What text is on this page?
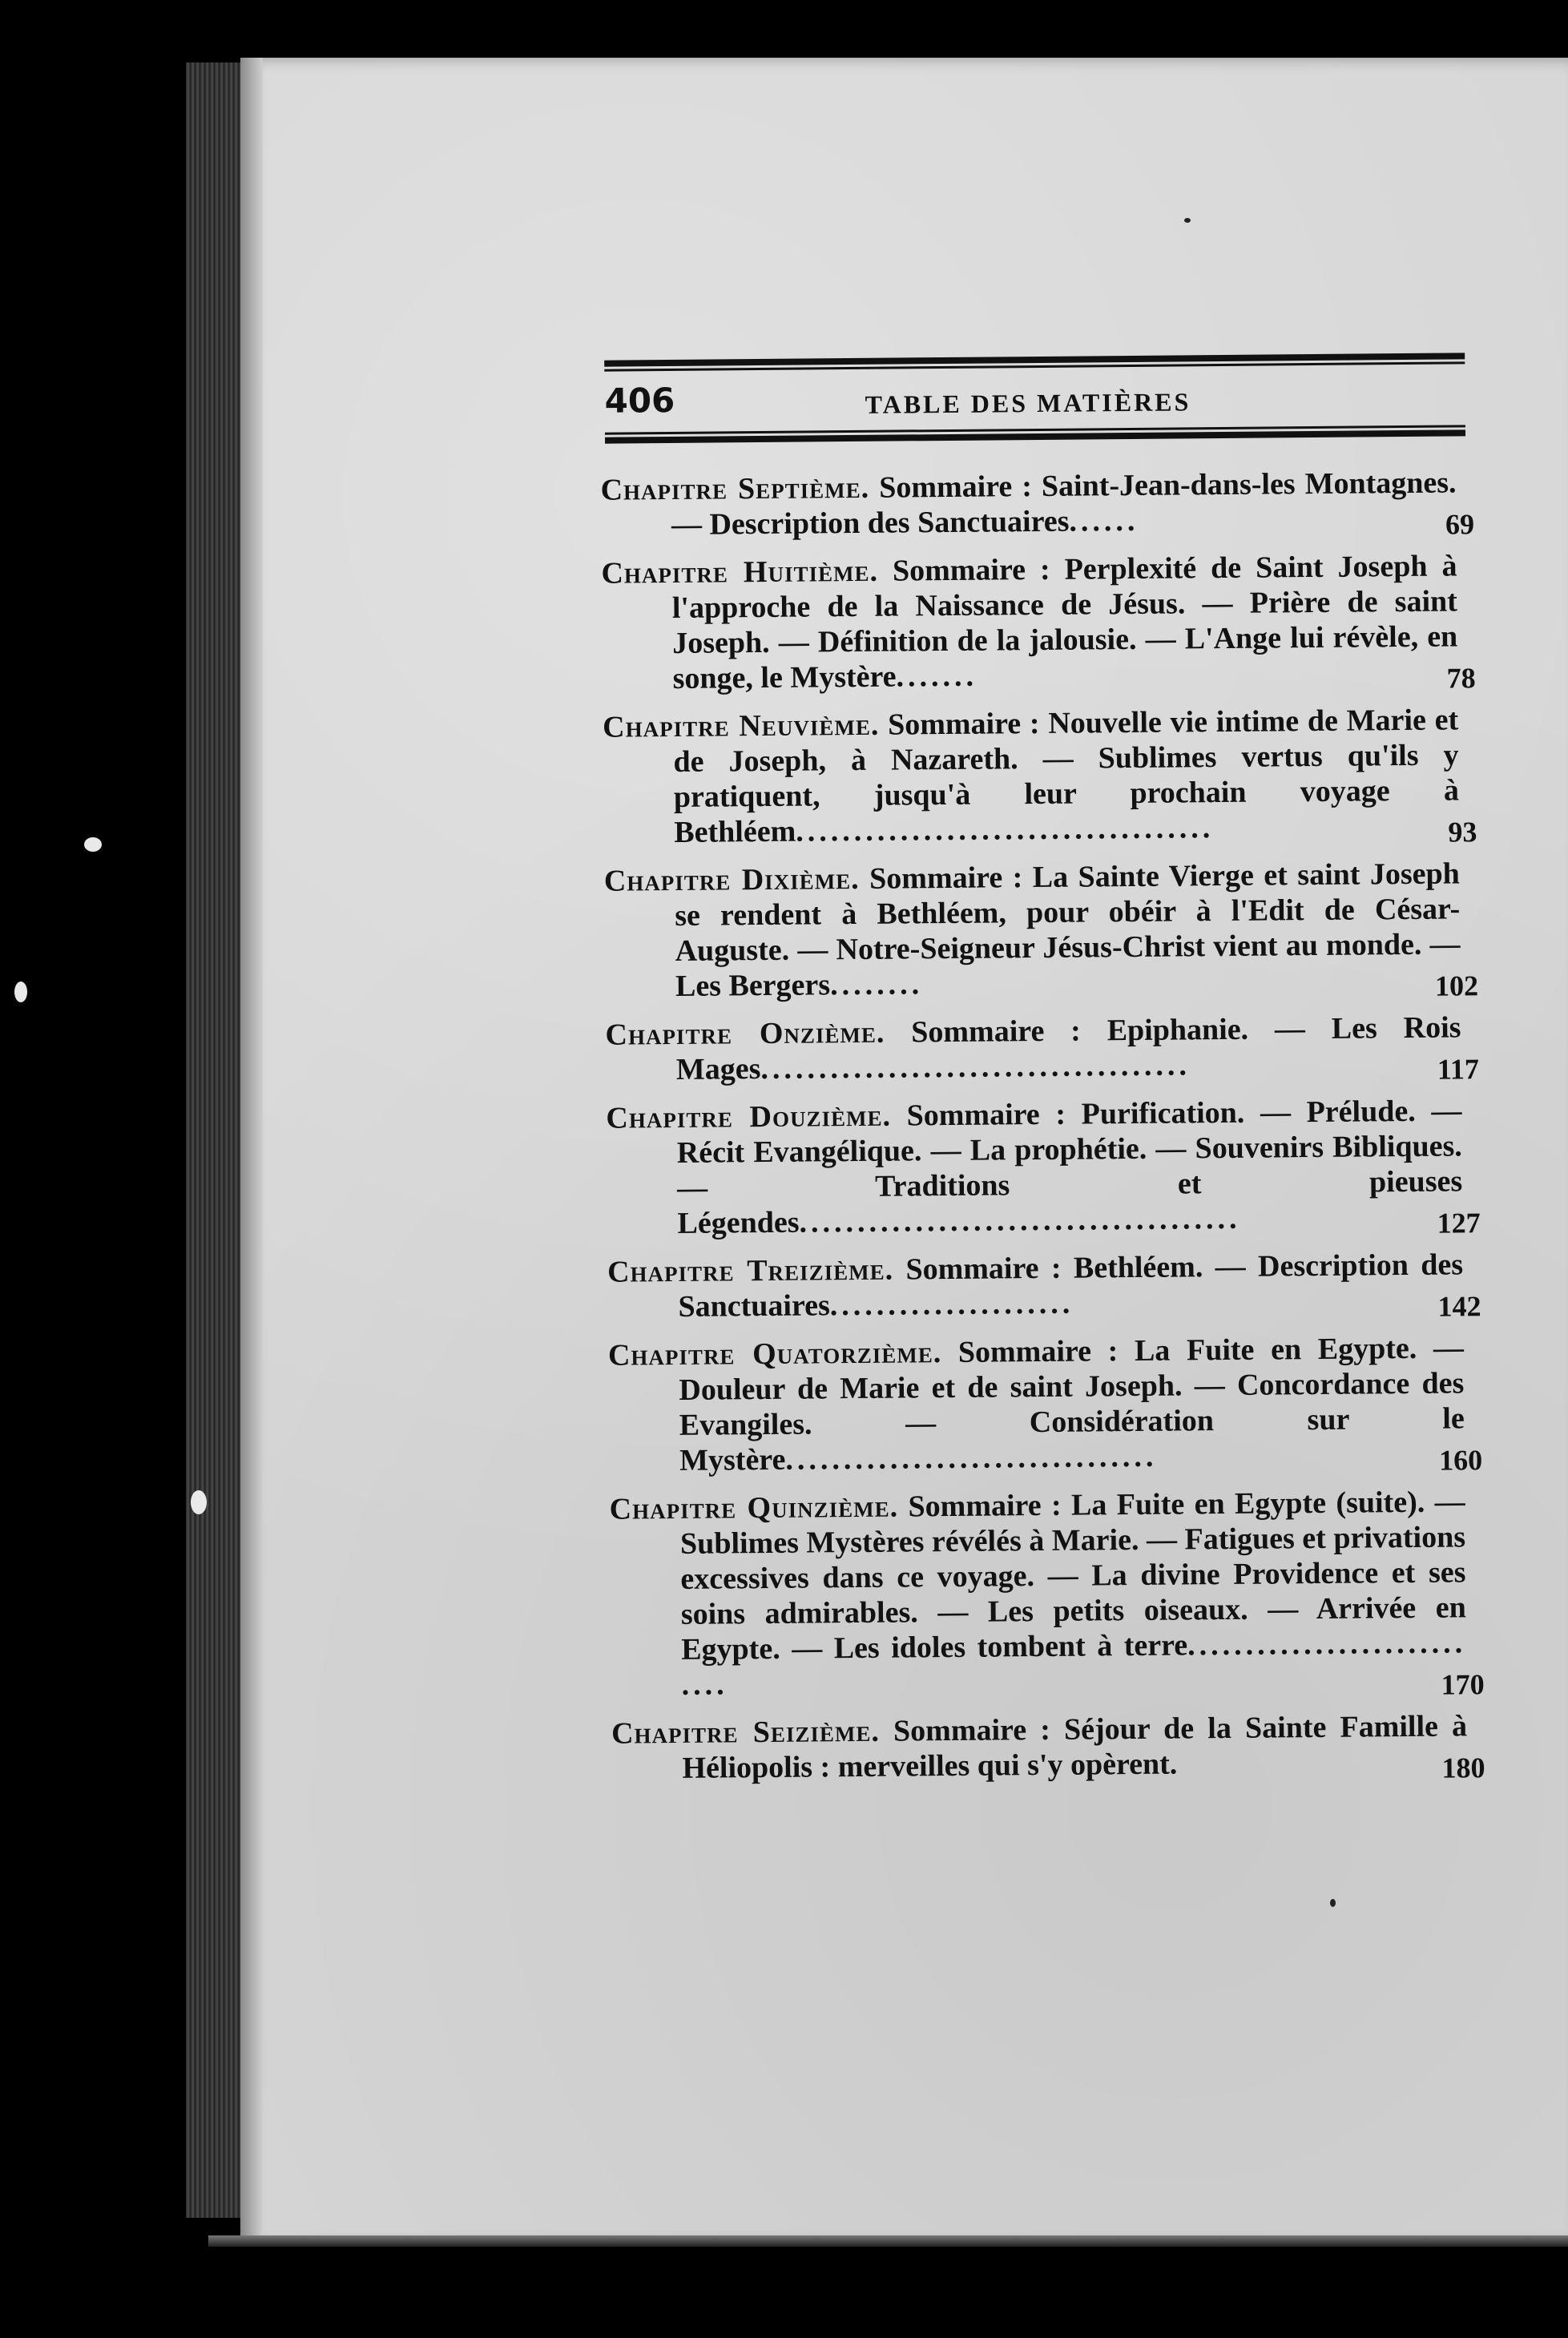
406	TABLE DES MATIÈRES
Chapitre Septième. Sommaire : Saint-Jean-dans-les Montagnes. — Description des Sanctuaires......	69
Chapitre Huitième. Sommaire : Perplexité de Saint Joseph à l'approche de la Naissance de Jésus. — Prière de saint Joseph. — Définition de la jalousie. — L'Ange lui révèle, en songe, le Mystère.......	78
Chapitre Neuvième. Sommaire : Nouvelle vie intime de Marie et de Joseph, à Nazareth. — Sublimes vertus qu'ils y pratiquent, jusqu'à leur prochain voyage à Bethléem....................................	93
Chapitre Dixième. Sommaire : La Sainte Vierge et saint Joseph se rendent à Bethléem, pour obéir à l'Edit de César-Auguste. — Notre-Seigneur Jésus-Christ vient au monde. — Les Bergers........	102
Chapitre Onzième. Sommaire : Epiphanie. — Les Rois Mages.....................................	117
Chapitre Douzième. Sommaire : Purification. — Prélude. — Récit Evangélique. — La prophétie. — Souvenirs Bibliques. — Traditions et pieuses Légendes......................................	127
Chapitre Treizième. Sommaire : Bethléem. — Description des Sanctuaires.....................	142
Chapitre Quatorzième. Sommaire : La Fuite en Egypte. — Douleur de Marie et de saint Joseph. — Concordance des Evangiles. — Considération sur le Mystère................................	160
Chapitre Quinzième. Sommaire : La Fuite en Egypte (suite). — Sublimes Mystères révélés à Marie. — Fatigues et privations excessives dans ce voyage. — La divine Providence et ses soins admirables. — Les petits oiseaux. — Arrivée en Egypte. — Les idoles tombent à terre........................ ....	170
Chapitre Seizième. Sommaire : Séjour de la Sainte Famille à Héliopolis : merveilles qui s'y opèrent.	180
